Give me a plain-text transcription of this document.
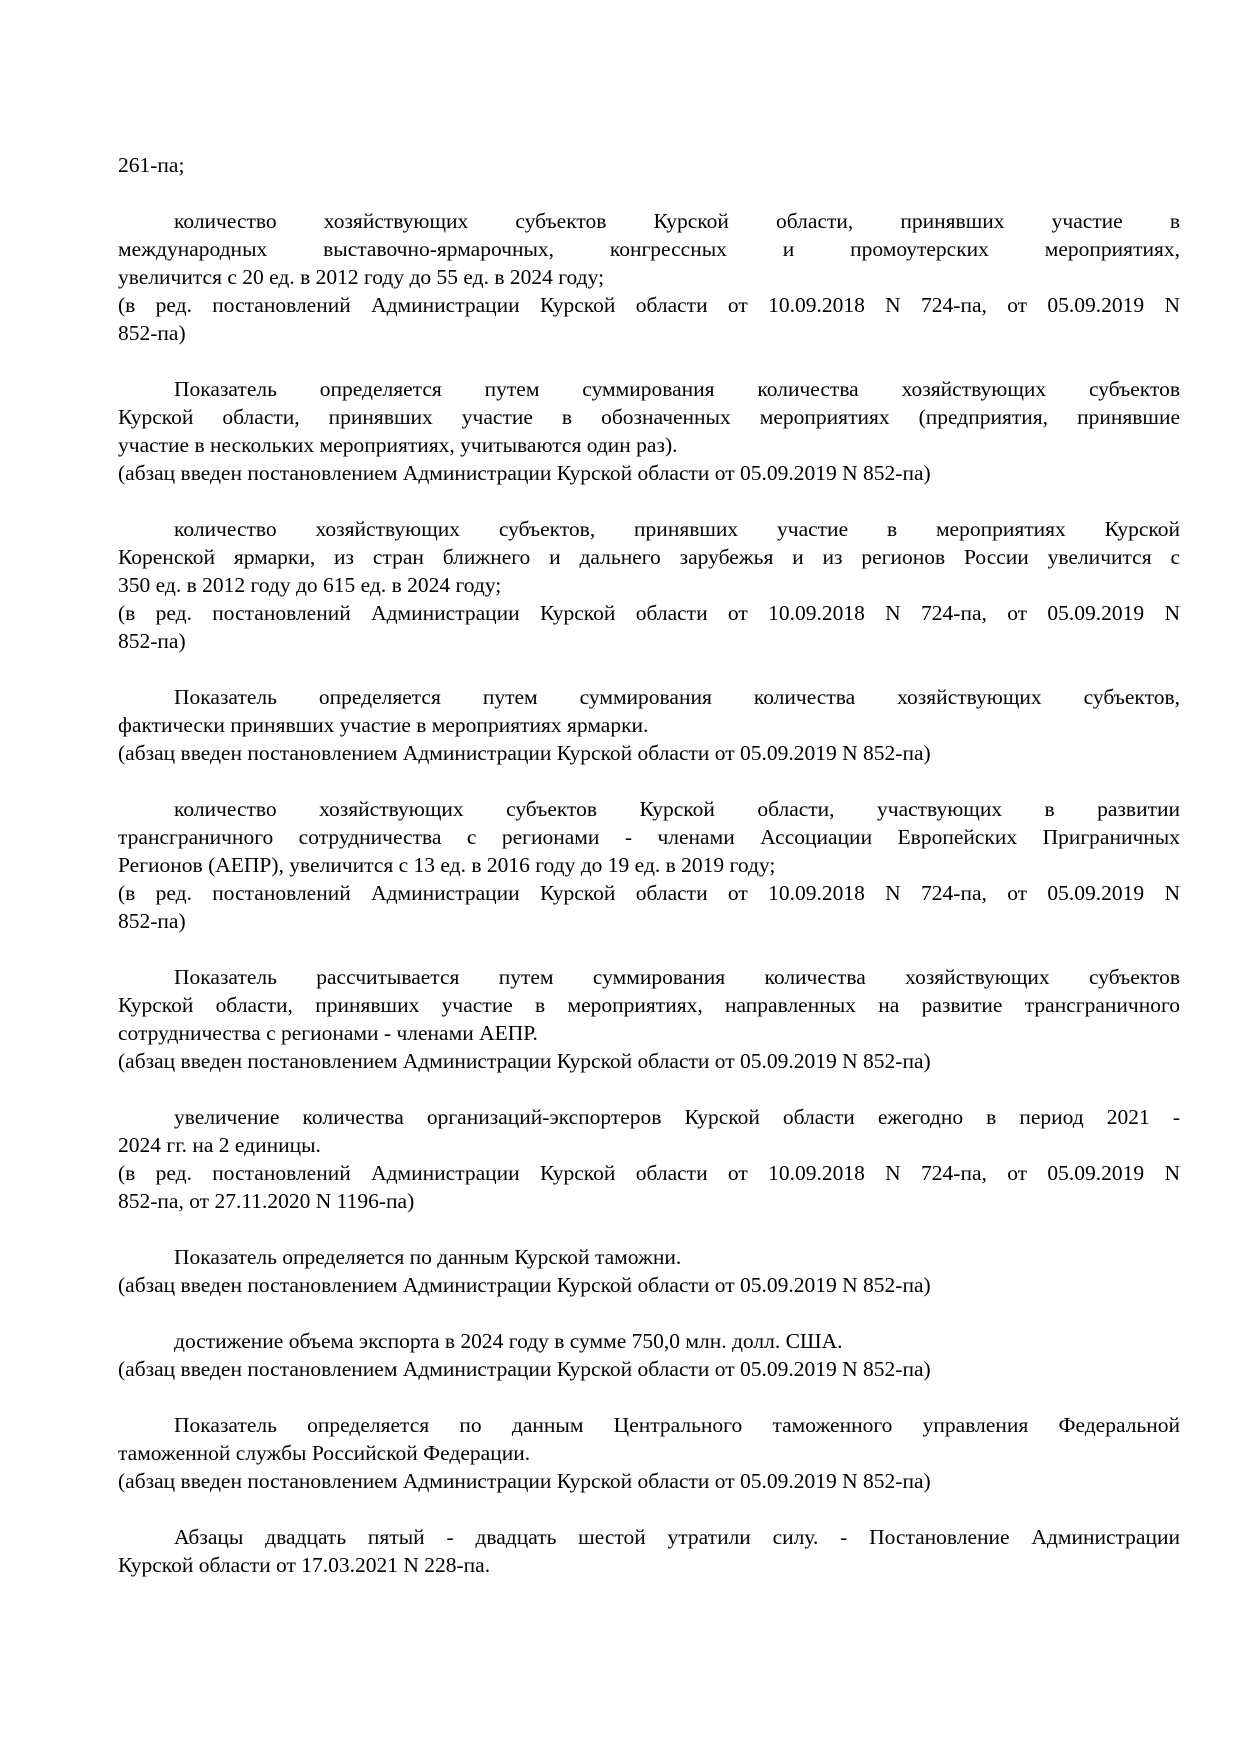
261-па;
количество хозяйствующих субъектов Курской области, принявших участие в
международных выставочно-ярмарочных, конгрессных и промоутерских мероприятиях,
увеличится с 20 ед. в 2012 году до 55 ед. в 2024 году;
(в ред. постановлений Администрации Курской области от 10.09.2018 N 724-па, от 05.09.2019 N
852-па)
Показатель определяется путем суммирования количества хозяйствующих субъектов
Курской области, принявших участие в обозначенных мероприятиях (предприятия, принявшие
участие в нескольких мероприятиях, учитываются один раз).
(абзац введен постановлением Администрации Курской области от 05.09.2019 N 852-па)
количество хозяйствующих субъектов, принявших участие в мероприятиях Курской
Коренской ярмарки, из стран ближнего и дальнего зарубежья и из регионов России увеличится с
350 ед. в 2012 году до 615 ед. в 2024 году;
(в ред. постановлений Администрации Курской области от 10.09.2018 N 724-па, от 05.09.2019 N
852-па)
Показатель определяется путем суммирования количества хозяйствующих субъектов,
фактически принявших участие в мероприятиях ярмарки.
(абзац введен постановлением Администрации Курской области от 05.09.2019 N 852-па)
количество хозяйствующих субъектов Курской области, участвующих в развитии
трансграничного сотрудничества с регионами - членами Ассоциации Европейских Приграничных
Регионов (АЕПР), увеличится с 13 ед. в 2016 году до 19 ед. в 2019 году;
(в ред. постановлений Администрации Курской области от 10.09.2018 N 724-па, от 05.09.2019 N
852-па)
Показатель рассчитывается путем суммирования количества хозяйствующих субъектов
Курской области, принявших участие в мероприятиях, направленных на развитие трансграничного
сотрудничества с регионами - членами АЕПР.
(абзац введен постановлением Администрации Курской области от 05.09.2019 N 852-па)
увеличение количества организаций-экспортеров Курской области ежегодно в период 2021 -
2024 гг. на 2 единицы.
(в ред. постановлений Администрации Курской области от 10.09.2018 N 724-па, от 05.09.2019 N
852-па, от 27.11.2020 N 1196-па)
Показатель определяется по данным Курской таможни.
(абзац введен постановлением Администрации Курской области от 05.09.2019 N 852-па)
достижение объема экспорта в 2024 году в сумме 750,0 млн. долл. США.
(абзац введен постановлением Администрации Курской области от 05.09.2019 N 852-па)
Показатель определяется по данным Центрального таможенного управления Федеральной
таможенной службы Российской Федерации.
(абзац введен постановлением Администрации Курской области от 05.09.2019 N 852-па)
Абзацы двадцать пятый - двадцать шестой утратили силу. - Постановление Администрации
Курской области от 17.03.2021 N 228-па.
